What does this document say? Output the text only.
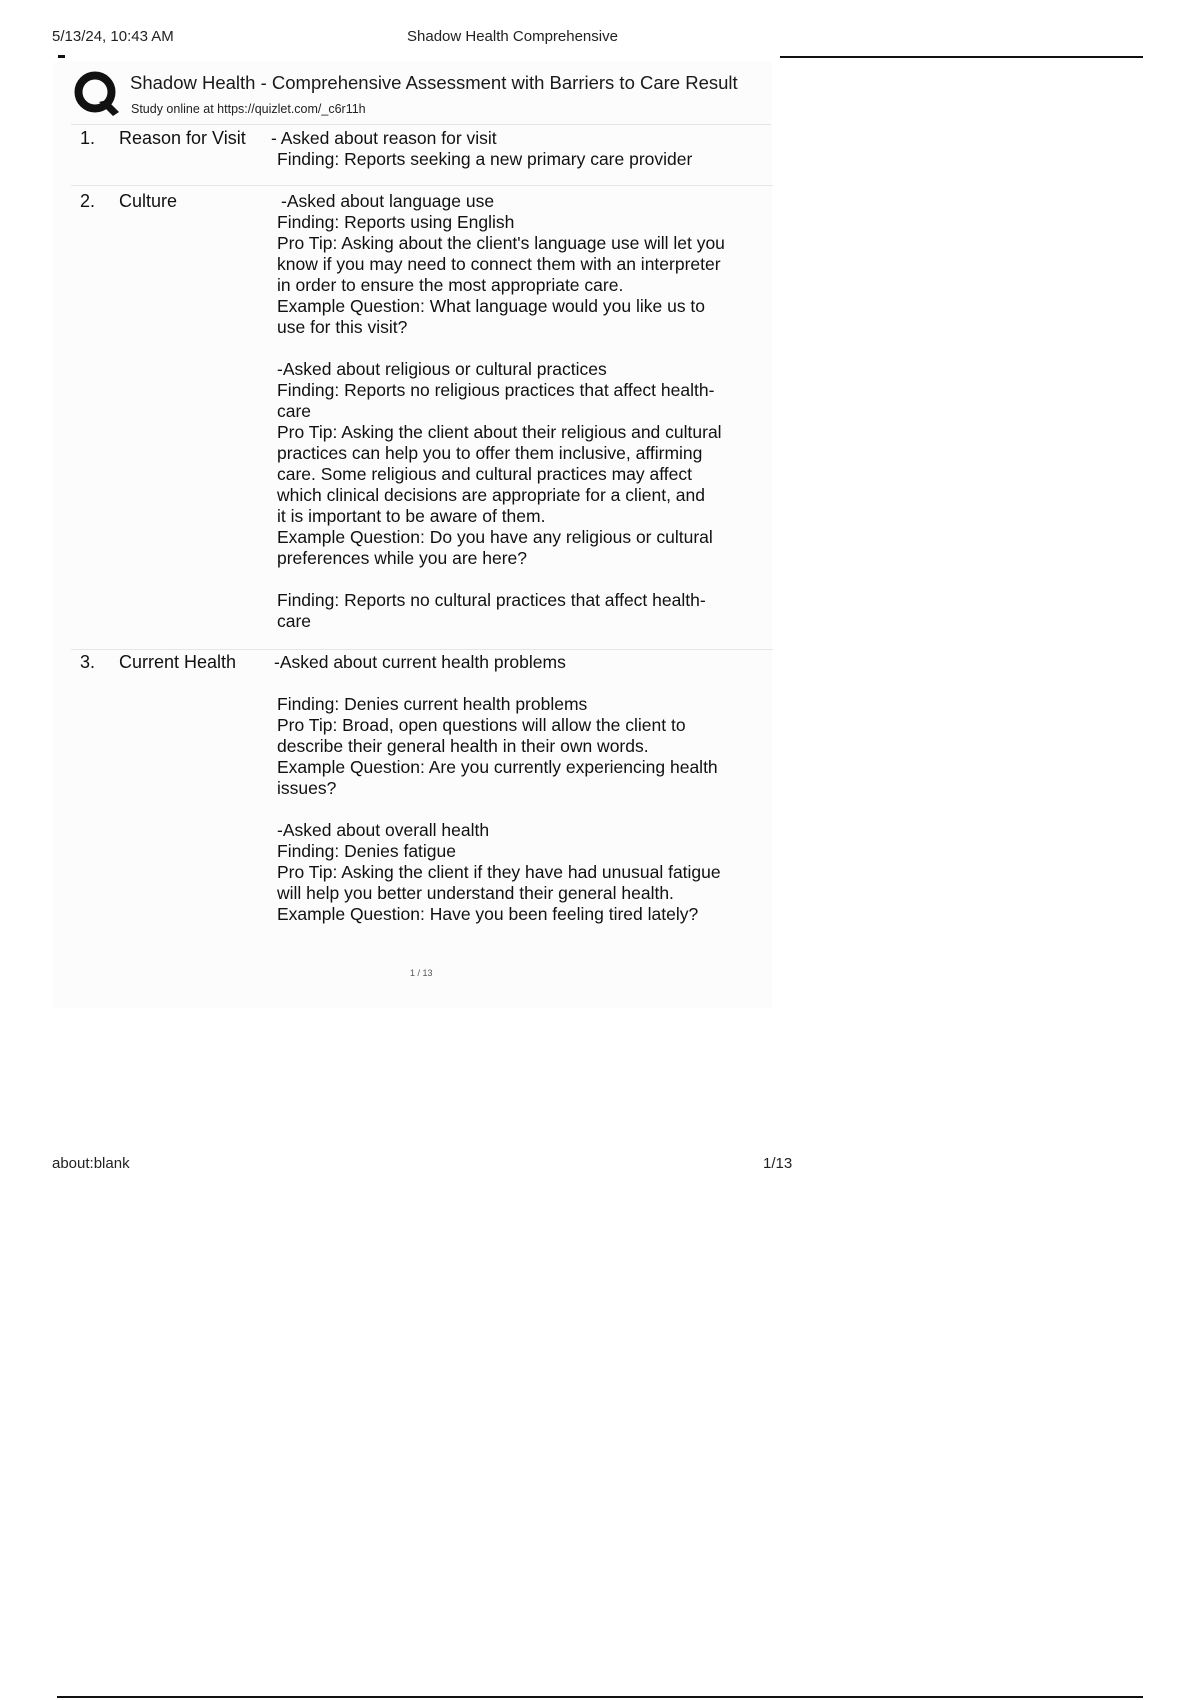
5/13/24, 10:43 AM	Shadow Health Comprehensive
Shadow Health - Comprehensive Assessment with Barriers to Care Result
Study online at https://quizlet.com/_c6r11h
1. Reason for Visit - Asked about reason for visit
Finding: Reports seeking a new primary care provider
2. Culture	-Asked about language use
Finding: Reports using English
Pro Tip: Asking about the client's language use will let you
know if you may need to connect them with an interpreter
in order to ensure the most appropriate care.
Example Question: What language would you like us to
use for this visit?
-Asked about religious or cultural practices
Finding: Reports no religious practices that affect health-
care
Pro Tip: Asking the client about their religious and cultural
practices can help you to offer them inclusive, affirming
care. Some religious and cultural practices may affect
which clinical decisions are appropriate for a client, and
it is important to be aware of them.
Example Question: Do you have any religious or cultural
preferences while you are here?
Finding: Reports no cultural practices that affect health-
care
3. Current Health -Asked about current health problems
Finding: Denies current health problems
Pro Tip: Broad, open questions will allow the client to
describe their general health in their own words.
Example Question: Are you currently experiencing health
issues?
-Asked about overall health
Finding: Denies fatigue
Pro Tip: Asking the client if they have had unusual fatigue
will help you better understand their general health.
Example Question: Have you been feeling tired lately?
1 / 13
about:blank	1/13
